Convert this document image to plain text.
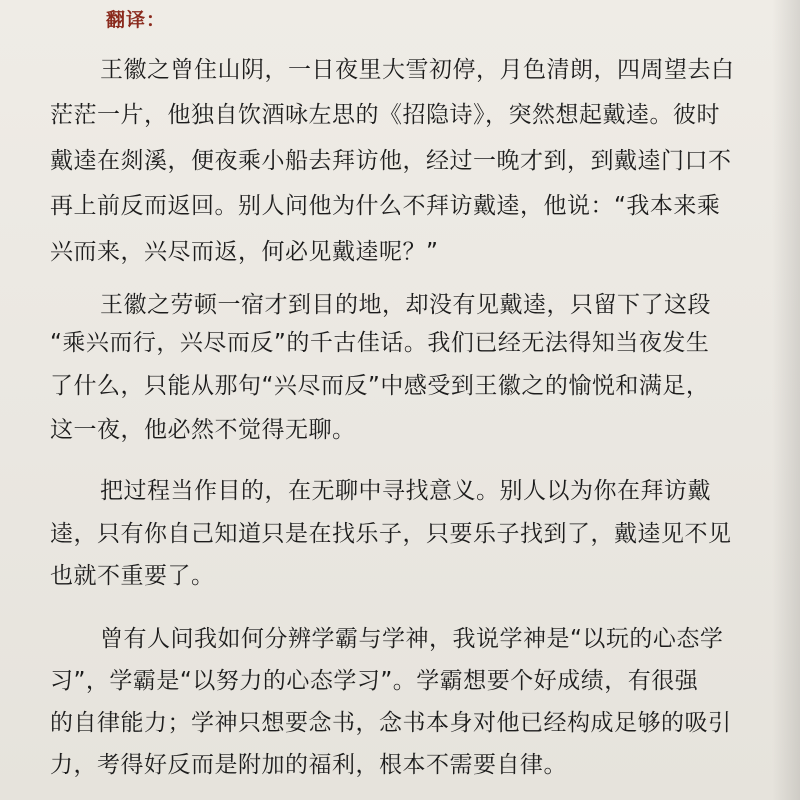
翻译：
王徽之曾住山阴，一日夜里大雪初停，月色清朗，四周望去白
茫茫一片，他独自饮酒咏左思的《招隐诗》，突然想起戴逵。彼时
戴逵在剡溪，便夜乘小船去拜访他，经过一晚才到，到戴逵门口不
再上前反而返回。别人问他为什么不拜访戴逵，他说：“我本来乘
兴而来，兴尽而返，何必见戴逵呢？”
王徽之劳顿一宿才到目的地，却没有见戴逵，只留下了这段
“乘兴而行，兴尽而反”的千古佳话。我们已经无法得知当夜发生
了什么，只能从那句“兴尽而反”中感受到王徽之的愉悦和满足，
这一夜，他必然不觉得无聊。
把过程当作目的，在无聊中寻找意义。别人以为你在拜访戴
逵，只有你自己知道只是在找乐子，只要乐子找到了，戴逵见不见
也就不重要了。
曾有人问我如何分辨学霸与学神，我说学神是“以玩的心态学
习”，学霸是“以努力的心态学习”。学霸想要个好成绩，有很强
的自律能力；学神只想要念书，念书本身对他已经构成足够的吸引
力，考得好反而是附加的福利，根本不需要自律。
